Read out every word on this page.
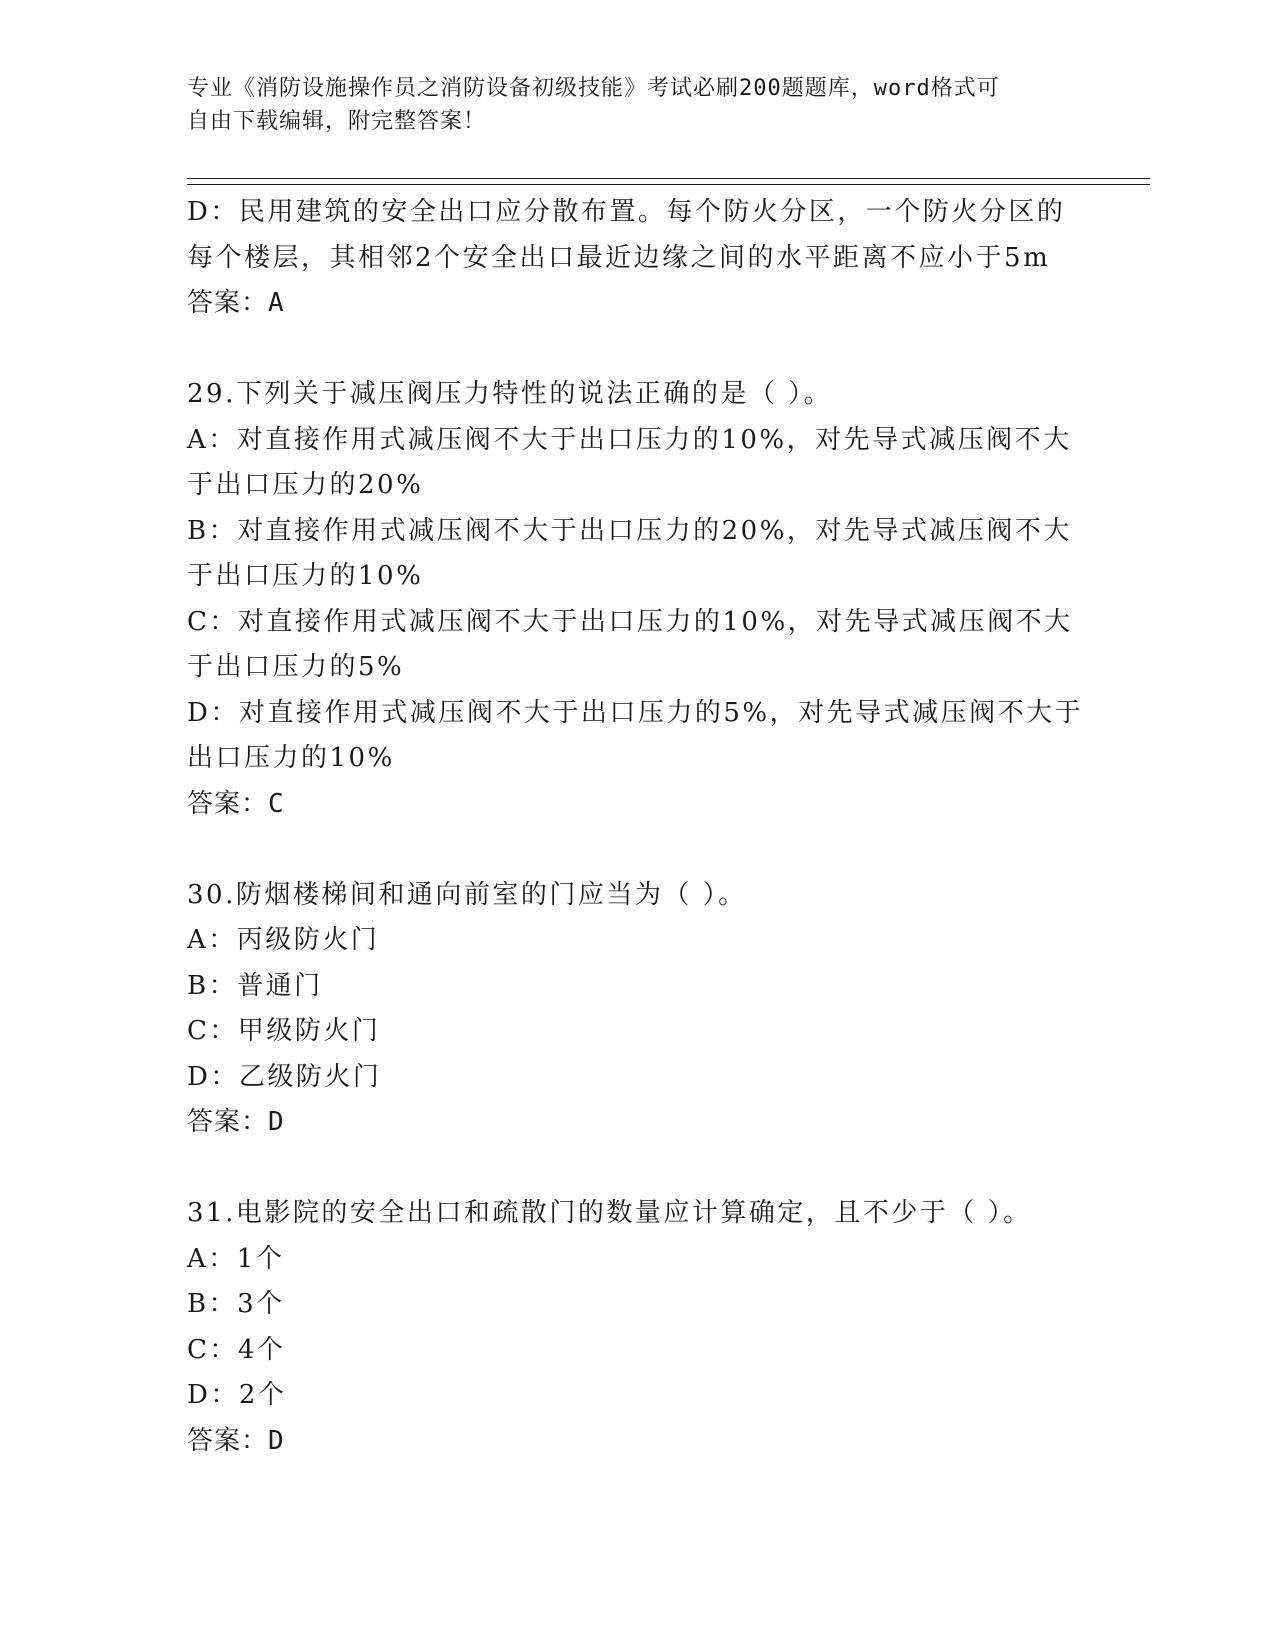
专业《消防设施操作员之消防设备初级技能》考试必刷200题题库，word格式可
自由下载编辑，附完整答案！
D：民用建筑的安全出口应分散布置。每个防火分区，一个防火分区的
每个楼层，其相邻2个安全出口最近边缘之间的水平距离不应小于5m
答案：A
29.下列关于减压阀压力特性的说法正确的是（ ）。
A：对直接作用式减压阀不大于出口压力的10%，对先导式减压阀不大
于出口压力的20%
B：对直接作用式减压阀不大于出口压力的20%，对先导式减压阀不大
于出口压力的10%
C：对直接作用式减压阀不大于出口压力的10%，对先导式减压阀不大
于出口压力的5%
D：对直接作用式减压阀不大于出口压力的5%，对先导式减压阀不大于
出口压力的10%
答案：C
30.防烟楼梯间和通向前室的门应当为（ ）。
A：丙级防火门
B：普通门
C：甲级防火门
D：乙级防火门
答案：D
31.电影院的安全出口和疏散门的数量应计算确定，且不少于（ ）。
A：1个
B：3个
C：4个
D：2个
答案：D
